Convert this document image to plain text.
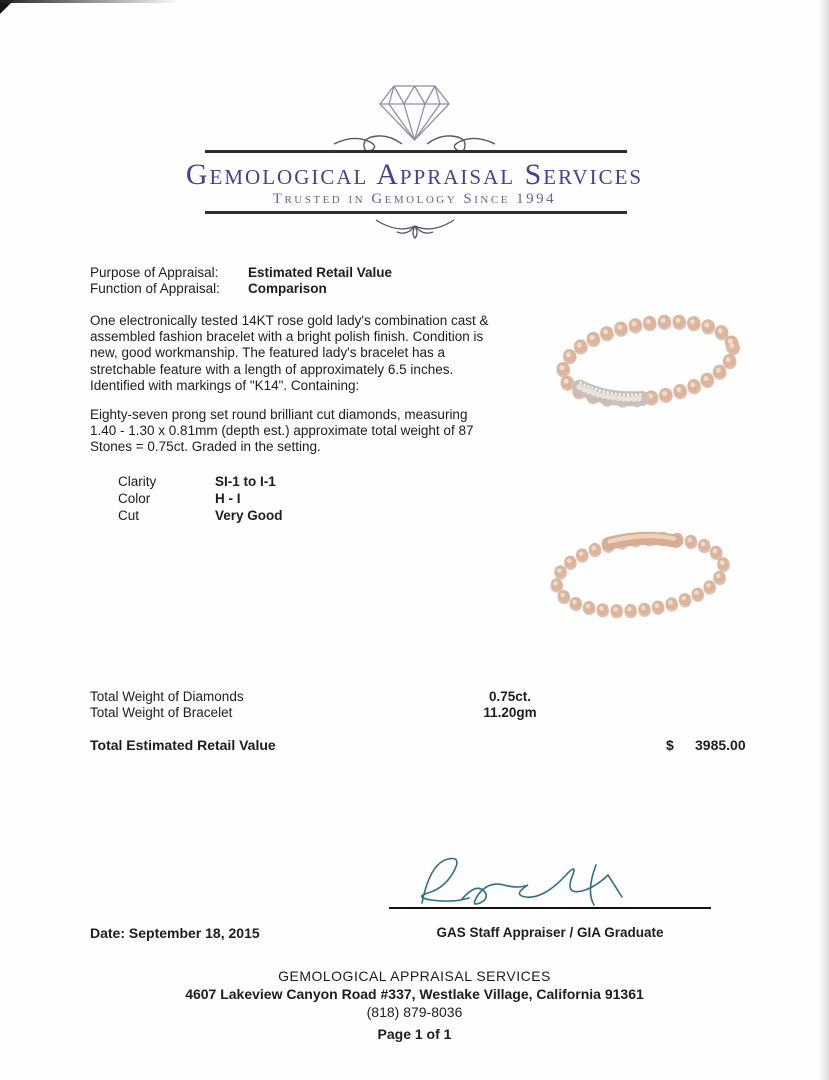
Gemological Appraisal Services
Trusted in Gemology Since 1994
Purpose of Appraisal: Estimated Retail Value
Function of Appraisal: Comparison
One electronically tested 14KT rose gold lady's combination cast & assembled fashion bracelet with a bright polish finish. Condition is new, good workmanship. The featured lady's bracelet has a stretchable feature with a length of approximately 6.5 inches. Identified with markings of "K14". Containing:
Eighty-seven prong set round brilliant cut diamonds, measuring 1.40 - 1.30 x 0.81mm (depth est.) approximate total weight of 87 Stones = 0.75ct. Graded in the setting.
Clarity	SI-1 to I-1
Color	H - I
Cut	Very Good
Total Weight of Diamonds	0.75ct.
Total Weight of Bracelet	11.20gm
Total Estimated Retail Value	$ 3985.00
Date: September 18, 2015	GAS Staff Appraiser / GIA Graduate
GEMOLOGICAL APPRAISAL SERVICES
4607 Lakeview Canyon Road #337, Westlake Village, California 91361
(818) 879-8036
Page 1 of 1
